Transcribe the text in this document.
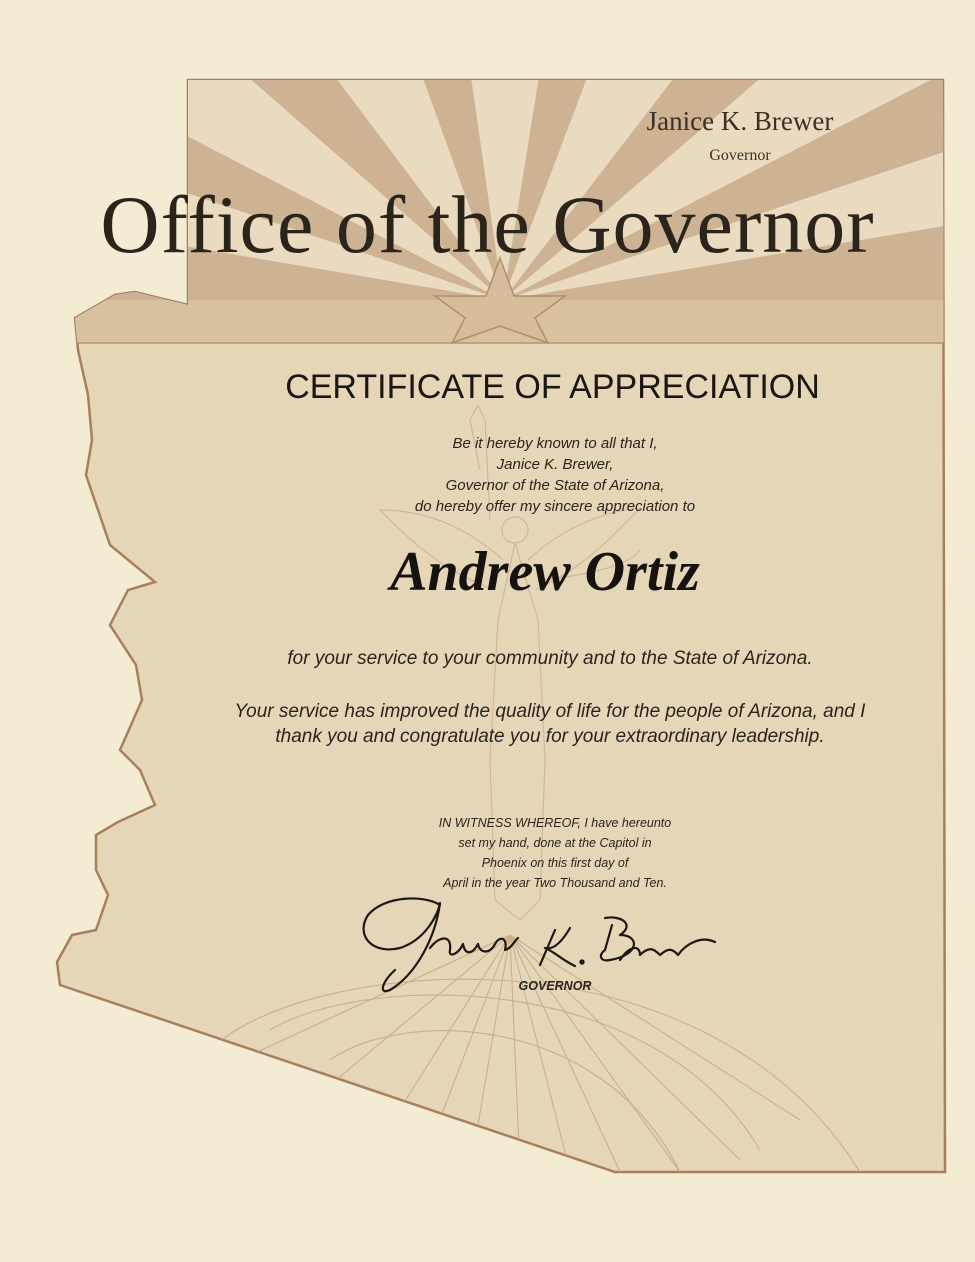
Janice K. Brewer

Governor

Office of the Governor
CERTIFICATE OF APPRECIATION
Be it hereby known to all that I,
Janice K. Brewer,
Governor of the State of Arizona,
do hereby offer my sincere appreciation to
Andrew Ortiz
for your service to your community and to the State of Arizona.
Your service has improved the quality of life for the people of Arizona, and I
thank you and congratulate you for your extraordinary leadership.
IN WITNESS WHEREOF, I have hereunto
set my hand, done at the Capitol in
Phoenix on this first day of
April in the year Two Thousand and Ten.
GOVERNOR
